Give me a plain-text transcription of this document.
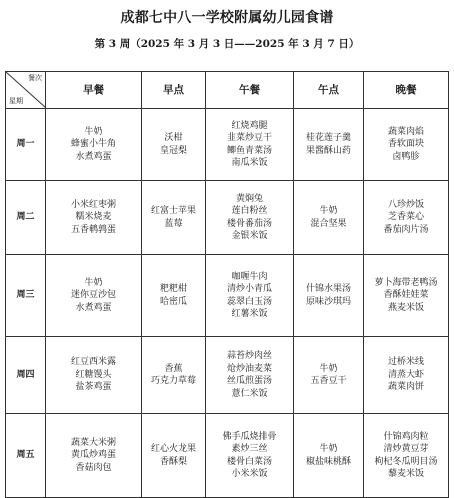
成都七中八一学校附属幼儿园食谱
第 3 周（2025 年 3 月 3 日——2025 年 3 月 7 日）
餐次
星期	早餐	早点	午餐	午点	晚餐
周一	牛奶
蜂蜜小牛角
水煮鸡蛋	沃柑
皇冠梨	红烧鸡腿
韭菜炒豆干
鲫鱼青菜汤
南瓜米饭	桂花莲子羹
果酱酥山药	蔬菜肉焰
香软面块
卤鸭胗

周二	小米红枣粥
糯米烧麦
五香鹌鹑蛋	红富士苹果
蓝莓	黄焖兔
莲白粉丝
楼骨番茄汤
金银米饭	牛奶
混合坚果	八珍炒饭
芝香菜心
番茄肉片汤

周三	牛奶
迷你豆沙包
水煮鸡蛋	粑粑柑
哈密瓜	咖喱牛肉
清炒小青瓜
蕊翠白玉汤
红薯米饭	什锦水果汤
原味沙琪玛	萝卜海带老鸭汤
香酥娃娃菜
燕麦米饭

周四	红豆西米露
红糖馒头
盐茶鸡蛋	香蕉
巧克力草莓	蒜苔炒肉丝
炝炒油麦菜
丝瓜煎蛋汤
薏仁米饭	牛奶
五香豆干	过桥米线
清蒸大虾
蔬菜肉饼

周五	蔬菜大米粥
黄瓜炒鸡蛋
香菇肉包	红心火龙果
香酥梨	佛手瓜烧排骨
素炒三丝
楼骨白菜汤
小米米饭	牛奶
椒盐味桃酥	什锦鸡肉粒
清炒黄豆芽
枸杞冬瓜明目汤
藜麦米饭
